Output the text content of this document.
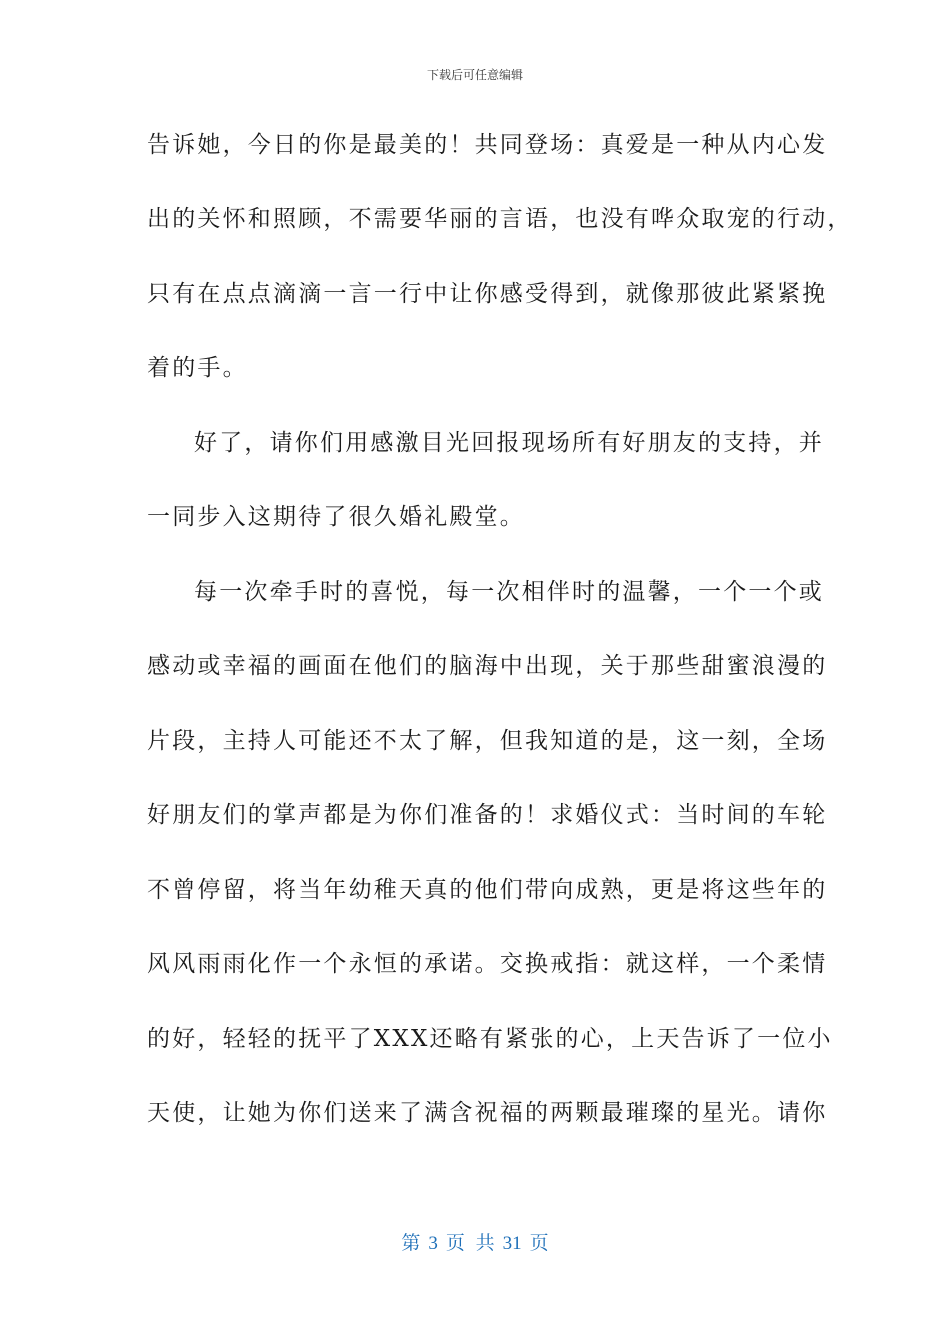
下载后可任意编辑
告诉她，今日的你是最美的！共同登场：真爱是一种从内心发
出的关怀和照顾，不需要华丽的言语，也没有哗众取宠的行动，
只有在点点滴滴一言一行中让你感受得到，就像那彼此紧紧挽
着的手。
好了，请你们用感激目光回报现场所有好朋友的支持，并
一同步入这期待了很久婚礼殿堂。
每一次牵手时的喜悦，每一次相伴时的温馨，一个一个或
感动或幸福的画面在他们的脑海中出现，关于那些甜蜜浪漫的
片段，主持人可能还不太了解，但我知道的是，这一刻，全场
好朋友们的掌声都是为你们准备的！求婚仪式：当时间的车轮
不曾停留，将当年幼稚天真的他们带向成熟，更是将这些年的
风风雨雨化作一个永恒的承诺。交换戒指：就这样，一个柔情
的好，轻轻的抚平了XXX还略有紧张的心，上天告诉了一位小
天使，让她为你们送来了满含祝福的两颗最璀璨的星光。请你
第 3 页 共 31 页
